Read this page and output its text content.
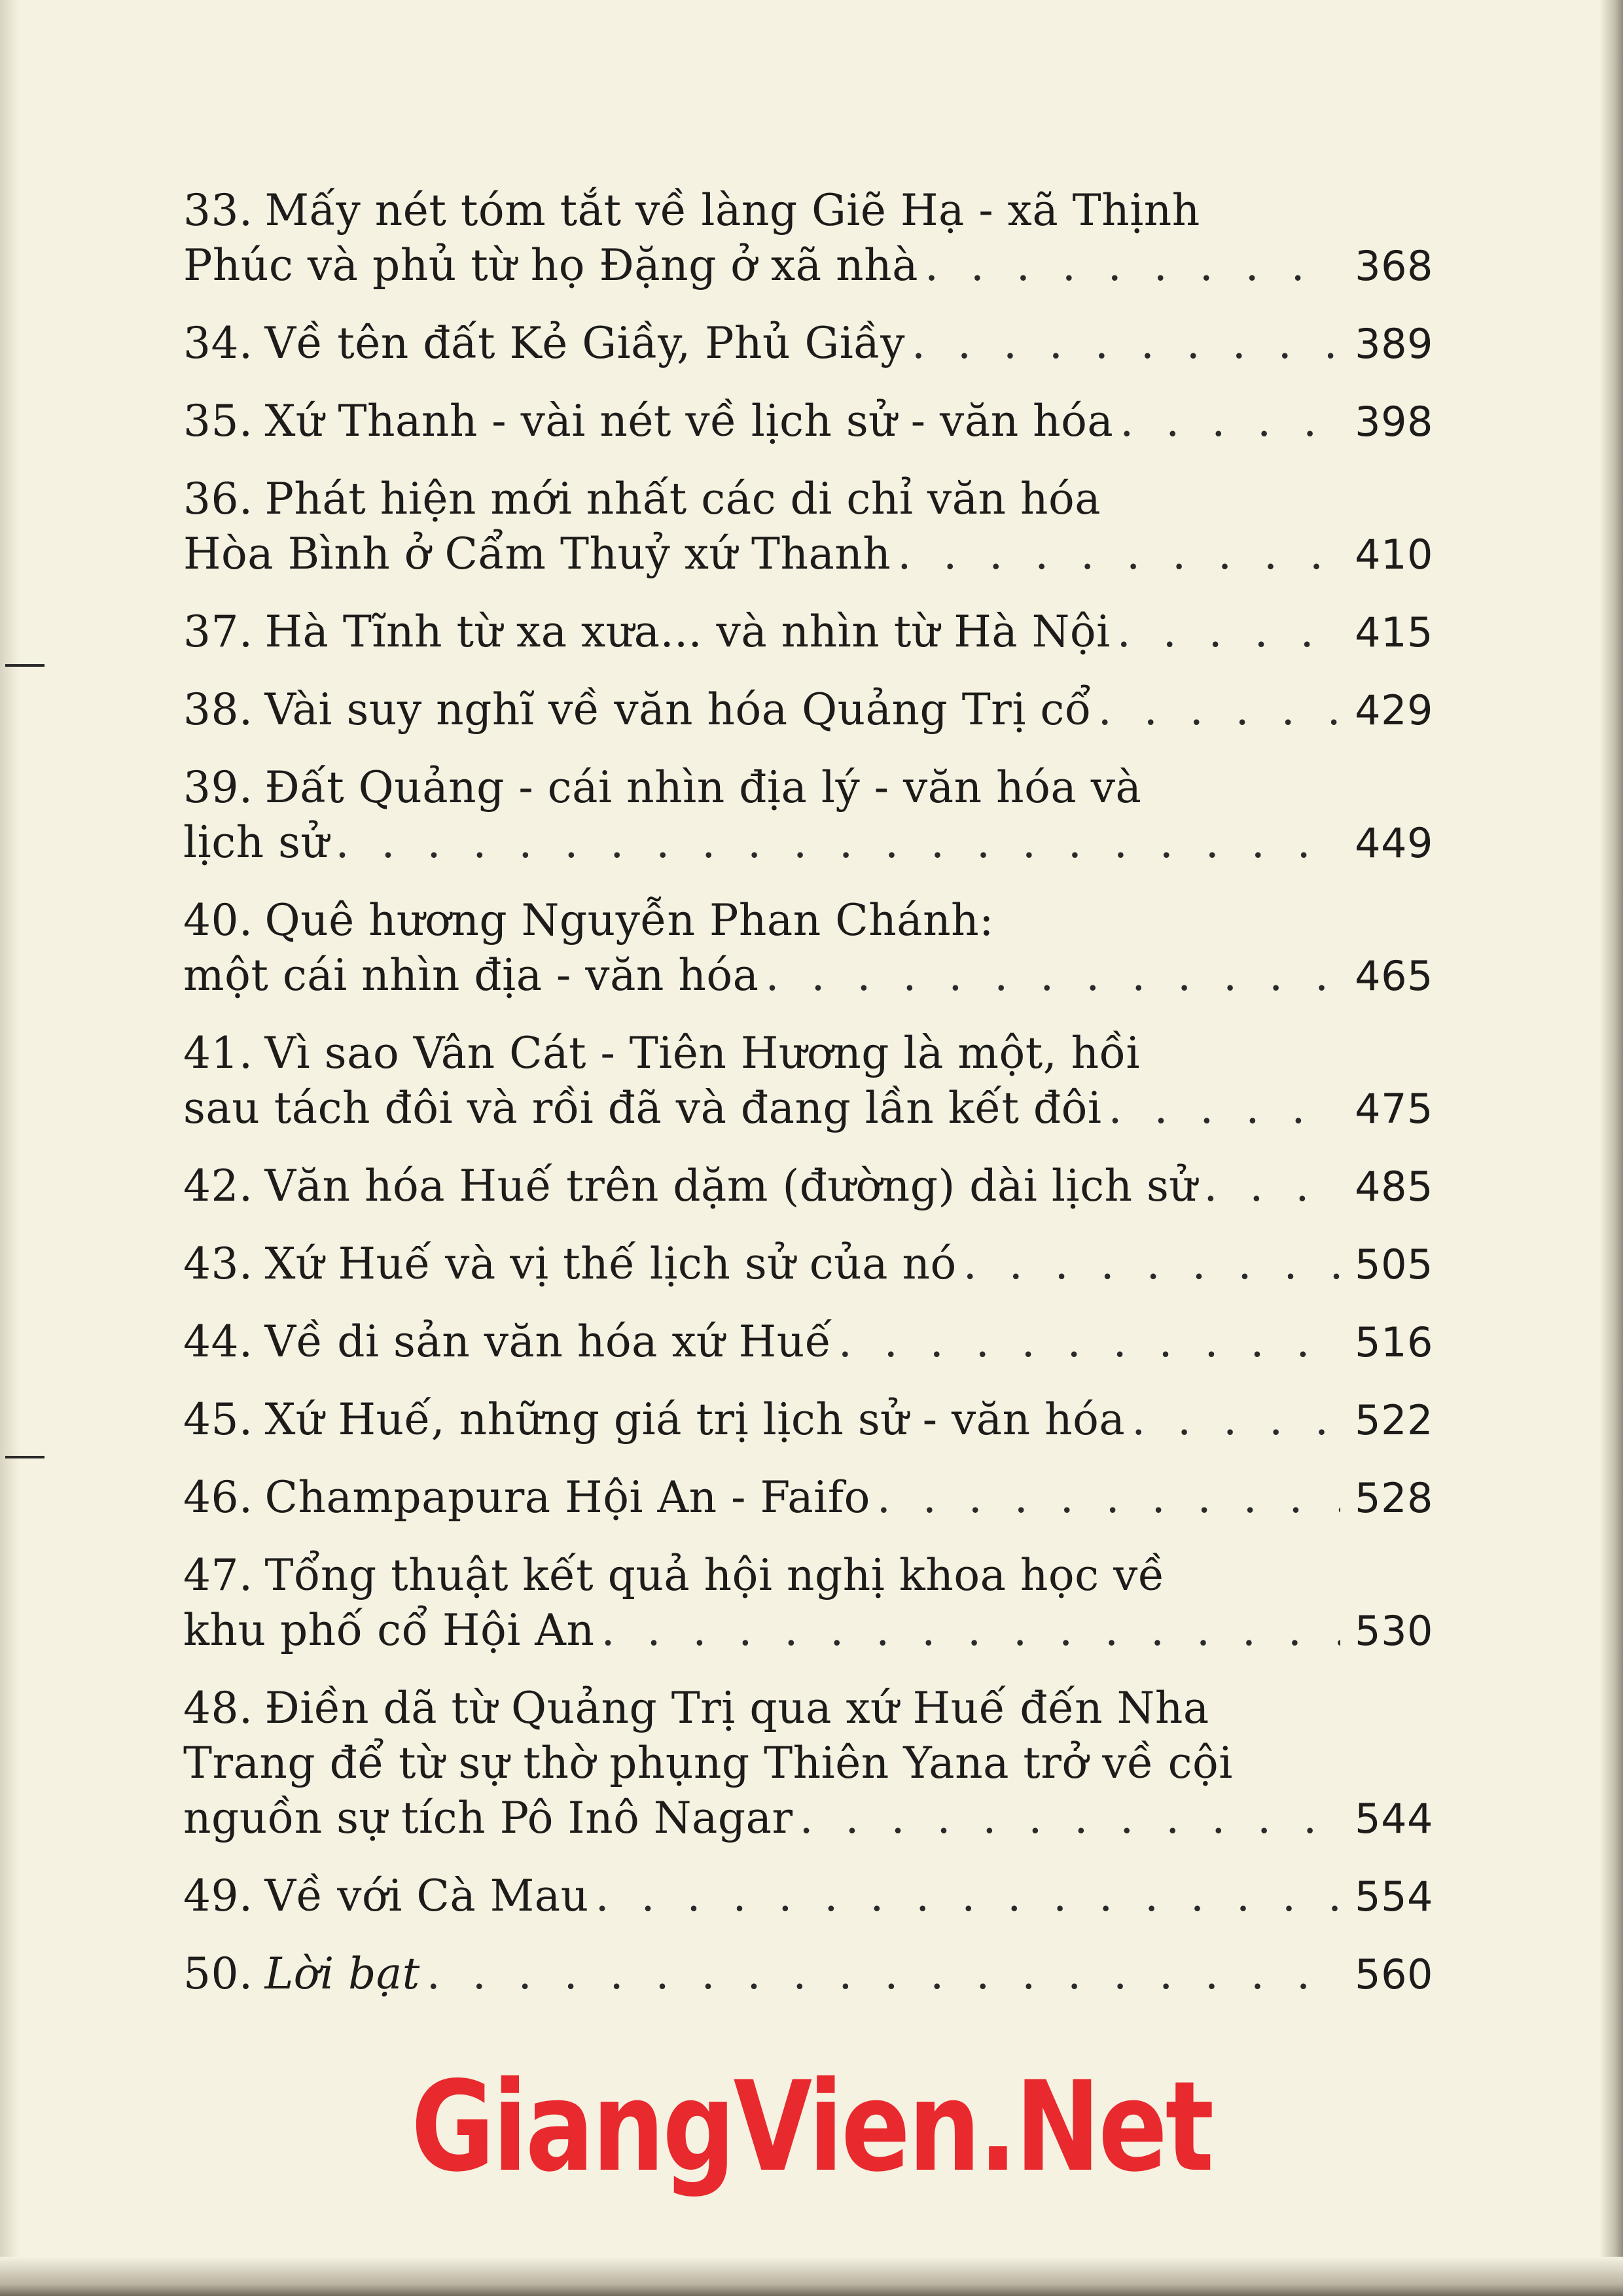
33. Mấy nét tóm tắt về làng Giẽ Hạ - xã Thịnh
Phúc và phủ từ họ Đặng ở xã nhà . . .	368
34. Về tên đất Kẻ Giầy, Phủ Giầy . . .	389
35. Xứ Thanh - vài nét về lịch sử - văn hóa . . .	398
36. Phát hiện mới nhất các di chỉ văn hóa
Hòa Bình ở Cẩm Thuỷ xứ Thanh . . .	410
37. Hà Tĩnh từ xa xưa... và nhìn từ Hà Nội . . .	415
38. Vài suy nghĩ về văn hóa Quảng Trị cổ . . .	429
39. Đất Quảng - cái nhìn địa lý - văn hóa và
lịch sử . . .	449
40. Quê hương Nguyễn Phan Chánh:
một cái nhìn địa - văn hóa . . .	465
41. Vì sao Vân Cát - Tiên Hương là một, hồi
sau tách đôi và rồi đã và đang lần kết đôi . . .	475
42. Văn hóa Huế trên dặm (đường) dài lịch sử . . .	485
43. Xứ Huế và vị thế lịch sử của nó . . .	505
44. Về di sản văn hóa xứ Huế . . .	516
45. Xứ Huế, những giá trị lịch sử - văn hóa . . .	522
46. Champapura Hội An - Faifo . . .	528
47. Tổng thuật kết quả hội nghị khoa học về
khu phố cổ Hội An . . .	530
48. Điền dã từ Quảng Trị qua xứ Huế đến Nha
Trang để từ sự thờ phụng Thiên Yana trở về cội
nguồn sự tích Pô Inô Nagar . . .	544
49. Về với Cà Mau . . .	554
50. Lời bạt . . .	560
GiangVien.Net
